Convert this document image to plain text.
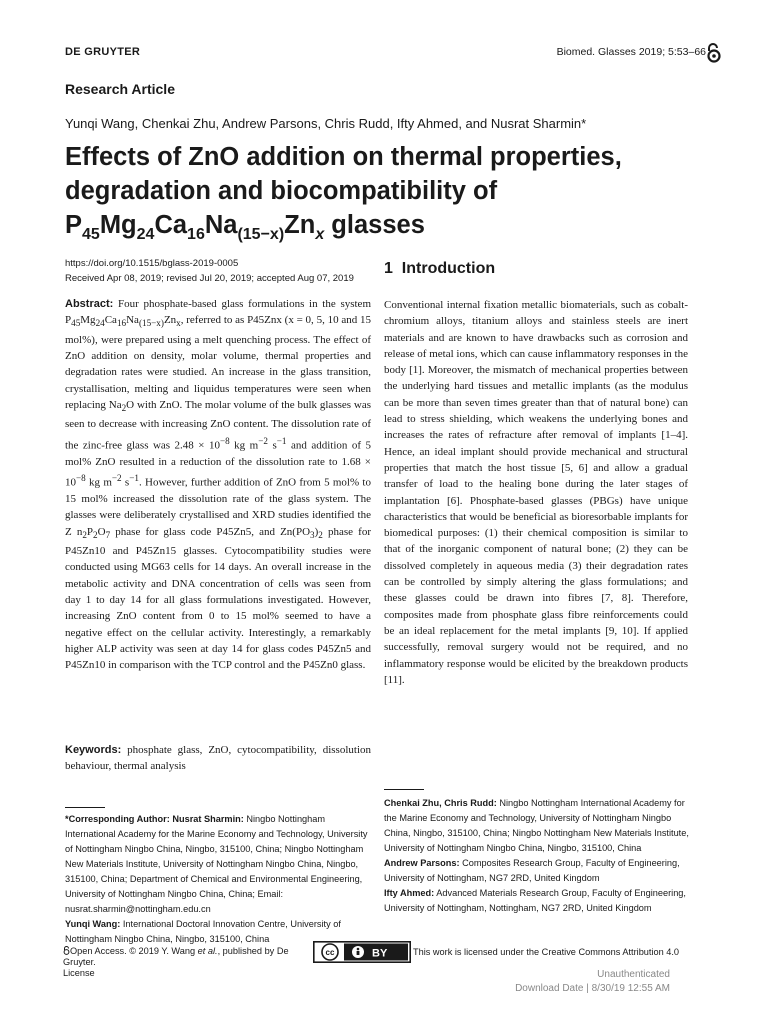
DE GRUYTER	Biomed. Glasses 2019; 5:53–66
Research Article
Yunqi Wang, Chenkai Zhu, Andrew Parsons, Chris Rudd, Ifty Ahmed, and Nusrat Sharmin*
Effects of ZnO addition on thermal properties,
degradation and biocompatibility of
$P_{45}Mg_{24}Ca_{16}Na_{(15-x)}Zn_x$ glasses
https://doi.org/10.1515/bglass-2019-0005
Received Apr 08, 2019; revised Jul 20, 2019; accepted Aug 07, 2019
Abstract: Four phosphate-based glass formulations in the system $P_{45}Mg_{24}Ca_{16}Na_{(15-x)}Zn_x$, referred to as P45Znx (x = 0, 5, 10 and 15 mol%), were prepared using a melt quenching process. The effect of ZnO addition on density, molar volume, thermal properties and degradation rates were studied. An increase in the glass transition, crystallisation, melting and liquidus temperatures were seen when replacing $Na_2O$ with ZnO. The molar volume of the bulk glasses was seen to decrease with increasing ZnO content. The dissolution rate of the zinc-free glass was $2.48 \times 10^{-8}$ kg $m^{-2}$ $s^{-1}$ and addition of 5 mol% ZnO resulted in a reduction of the dissolution rate to $1.68 \times 10^{-8}$ kg $m^{-2}$ $s^{-1}$. However, further addition of ZnO from 5 mol% to 15 mol% increased the dissolution rate of the glass system. The glasses were deliberately crystallised and XRD studies identified the Z $n_2P_2O_7$ phase for glass code P45Zn5, and $Zn(PO_3)_2$ phase for P45Zn10 and P45Zn15 glasses. Cytocompatibility studies were conducted using MG63 cells for 14 days. An overall increase in the metabolic activity and DNA concentration of cells was seen from day 1 to day 14 for all glass formulations investigated. However, increasing ZnO content from 0 to 15 mol% seemed to have a negative effect on the cellular activity. Interestingly, a remarkably higher ALP activity was seen at day 14 for glass codes P45Zn5 and P45Zn10 in comparison with the TCP control and the P45Zn0 glass.
Keywords: phosphate glass, ZnO, cytocompatibility, dissolution behaviour, thermal analysis
1 Introduction
Conventional internal fixation metallic biomaterials, such as cobalt-chromium alloys, titanium alloys and stainless steels are inert materials and are known to have drawbacks such as corrosion and release of metal ions, which can cause inflammatory responses in the body [1]. Moreover, the mismatch of mechanical properties between the underlying hard tissues and metallic implants (as the modulus can be more than seven times greater than that of natural bone) can lead to stress shielding, which weakens the underlying bones and increases the rates of refracture after removal of implants [1–4]. Hence, an ideal implant should provide mechanical and structural properties that match the host tissue [5, 6] and allow a gradual transfer of load to the healing bone during the later stages of implantation [6]. Phosphate-based glasses (PBGs) have unique characteristics that would be beneficial as bioresorbable implants for biomedical purposes: (1) their chemical composition is similar to that of the inorganic component of natural bone; (2) they can be dissolved completely in aqueous media (3) their degradation rates can be controlled by simply altering the glass formulations; and these glasses could be drawn into fibres [7, 8]. Therefore, composites made from phosphate glass fibre reinforcements could be an ideal replacement for the metal implants [9, 10]. If applied successfully, removal surgery would not be required, and no inflammatory response would be elicited by the breakdown products [11].
*Corresponding Author: Nusrat Sharmin: Ningbo Nottingham International Academy for the Marine Economy and Technology, University of Nottingham Ningbo China, Ningbo, 315100, China; Ningbo Nottingham New Materials Institute, University of Nottingham Ningbo China, Ningbo, 315100, China; Department of Chemical and Environmental Engineering, University of Nottingham Ningbo China, China; Email: nusrat.sharmin@nottingham.edu.cn
Yunqi Wang: International Doctoral Innovation Centre, University of Nottingham Ningbo China, Ningbo, 315100, China
Chenkai Zhu, Chris Rudd: Ningbo Nottingham International Academy for the Marine Economy and Technology, University of Nottingham Ningbo China, Ningbo, 315100, China; Ningbo Nottingham New Materials Institute, University of Nottingham Ningbo China, Ningbo, 315100, China
Andrew Parsons: Composites Research Group, Faculty of Engineering, University of Nottingham, NG7 2RD, United Kingdom
Ifty Ahmed: Advanced Materials Research Group, Faculty of Engineering, University of Nottingham, Nottingham, NG7 2RD, United Kingdom
Open Access. © 2019 Y. Wang et al., published by De Gruyter.
License
cc	BY	This work is licensed under the Creative Commons Attribution 4.0
Unauthenticated
Download Date | 8/30/19 12:55 AM
